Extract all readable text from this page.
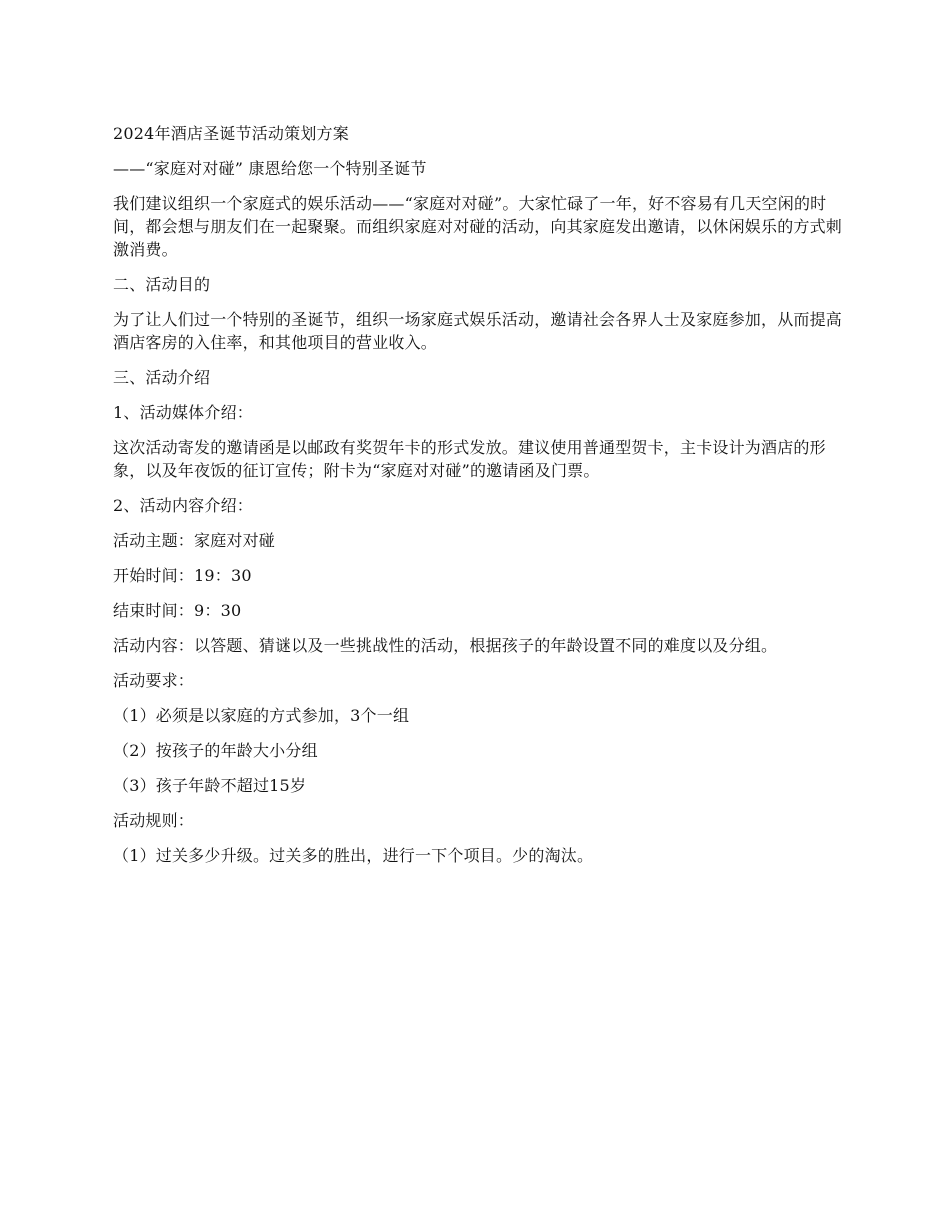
2024年酒店圣诞节活动策划方案

——“家庭对对碰” 康恩给您一个特别圣诞节

我们建议组织一个家庭式的娱乐活动——“家庭对对碰”。大家忙碌了一年，好不容易有几天空闲的时间，都会想与朋友们在一起聚聚。而组织家庭对对碰的活动，向其家庭发出邀请，以休闲娱乐的方式刺激消费。

二、活动目的

为了让人们过一个特别的圣诞节，组织一场家庭式娱乐活动，邀请社会各界人士及家庭参加，从而提高酒店客房的入住率，和其他项目的营业收入。

三、活动介绍

1、活动媒体介绍：

这次活动寄发的邀请函是以邮政有奖贺年卡的形式发放。建议使用普通型贺卡，主卡设计为酒店的形象，以及年夜饭的征订宣传；附卡为“家庭对对碰”的邀请函及门票。

2、活动内容介绍：

活动主题：家庭对对碰

开始时间：19：30

结束时间：9：30

活动内容：以答题、猜谜以及一些挑战性的活动，根据孩子的年龄设置不同的难度以及分组。

活动要求：

（1）必须是以家庭的方式参加，3个一组

（2）按孩子的年龄大小分组

（3）孩子年龄不超过15岁

活动规则：

（1）过关多少升级。过关多的胜出，进行一下个项目。少的淘汰。
